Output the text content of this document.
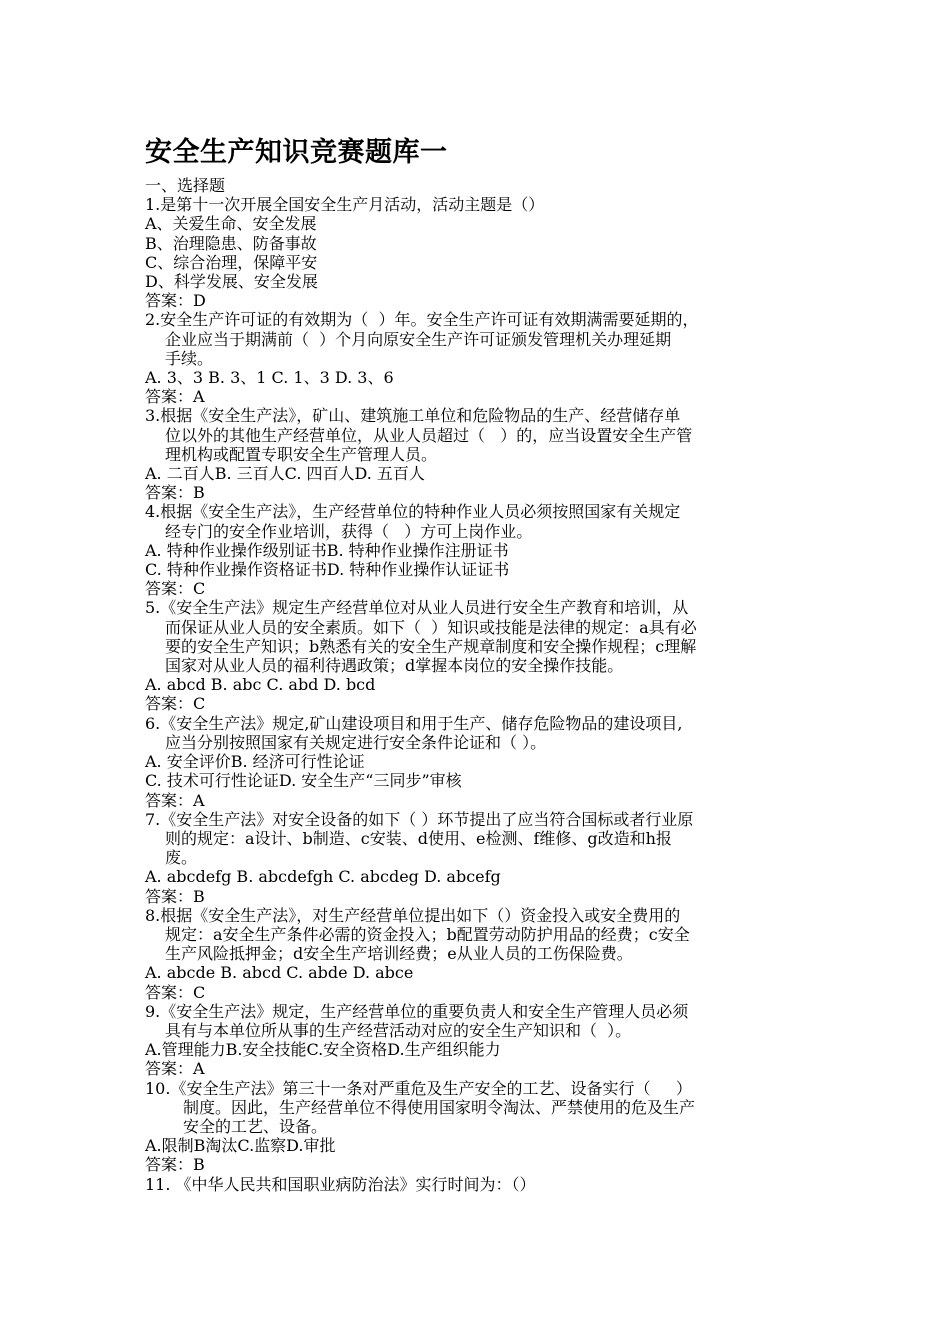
安全生产知识竞赛题库一
一、选择题
1.是第十一次开展全国安全生产月活动，活动主题是（）
A、关爱生命、安全发展
B、治理隐患、防备事故
C、综合治理，保障平安
D、科学发展、安全发展
答案：D
2.安全生产许可证的有效期为（  ）年。安全生产许可证有效期满需要延期的，
企业应当于期满前（  ）个月向原安全生产许可证颁发管理机关办理延期
手续。
A. 3、3 B. 3、1 C. 1、3 D. 3、6
答案：A
3.根据《安全生产法》，矿山、建筑施工单位和危险物品的生产、经营储存单
位以外的其他生产经营单位，从业人员超过（   ）的，应当设置安全生产管
理机构或配置专职安全生产管理人员。
A. 二百人B. 三百人C. 四百人D. 五百人
答案：B
4.根据《安全生产法》，生产经营单位的特种作业人员必须按照国家有关规定
经专门的安全作业培训，获得（   ）方可上岗作业。
A. 特种作业操作级别证书B. 特种作业操作注册证书
C. 特种作业操作资格证书D. 特种作业操作认证证书
答案：C
5.《安全生产法》规定生产经营单位对从业人员进行安全生产教育和培训，从
而保证从业人员的安全素质。如下（  ）知识或技能是法律的规定：a具有必
要的安全生产知识；b熟悉有关的安全生产规章制度和安全操作规程；c理解
国家对从业人员的福利待遇政策；d掌握本岗位的安全操作技能。
A. abcd B. abc C. abd D. bcd
答案：C
6.《安全生产法》规定,矿山建设项目和用于生产、储存危险物品的建设项目,
应当分别按照国家有关规定进行安全条件论证和（ ）。
A. 安全评价B. 经济可行性论证
C. 技术可行性论证D. 安全生产“三同步”审核
答案：A
7.《安全生产法》对安全设备的如下（ ）环节提出了应当符合国标或者行业原
则的规定：a设计、b制造、c安装、d使用、e检测、f维修、g改造和h报
废。
A. abcdefg B. abcdefgh C. abcdeg D. abcefg
答案：B
8.根据《安全生产法》，对生产经营单位提出如下（）资金投入或安全费用的
规定：a安全生产条件必需的资金投入；b配置劳动防护用品的经费；c安全
生产风险抵押金；d安全生产培训经费；e从业人员的工伤保险费。
A. abcde B. abcd C. abde D. abce
答案：C
9.《安全生产法》规定，生产经营单位的重要负责人和安全生产管理人员必须
具有与本单位所从事的生产经营活动对应的安全生产知识和（  ）。
A.管理能力B.安全技能C.安全资格D.生产组织能力
答案：A
10.《安全生产法》第三十一条对严重危及生产安全的工艺、设备实行（     ）
制度。因此，生产经营单位不得使用国家明令淘汰、严禁使用的危及生产
安全的工艺、设备。
A.限制B淘汰C.监察D.审批
答案：B
11. 《中华人民共和国职业病防治法》实行时间为：（）
